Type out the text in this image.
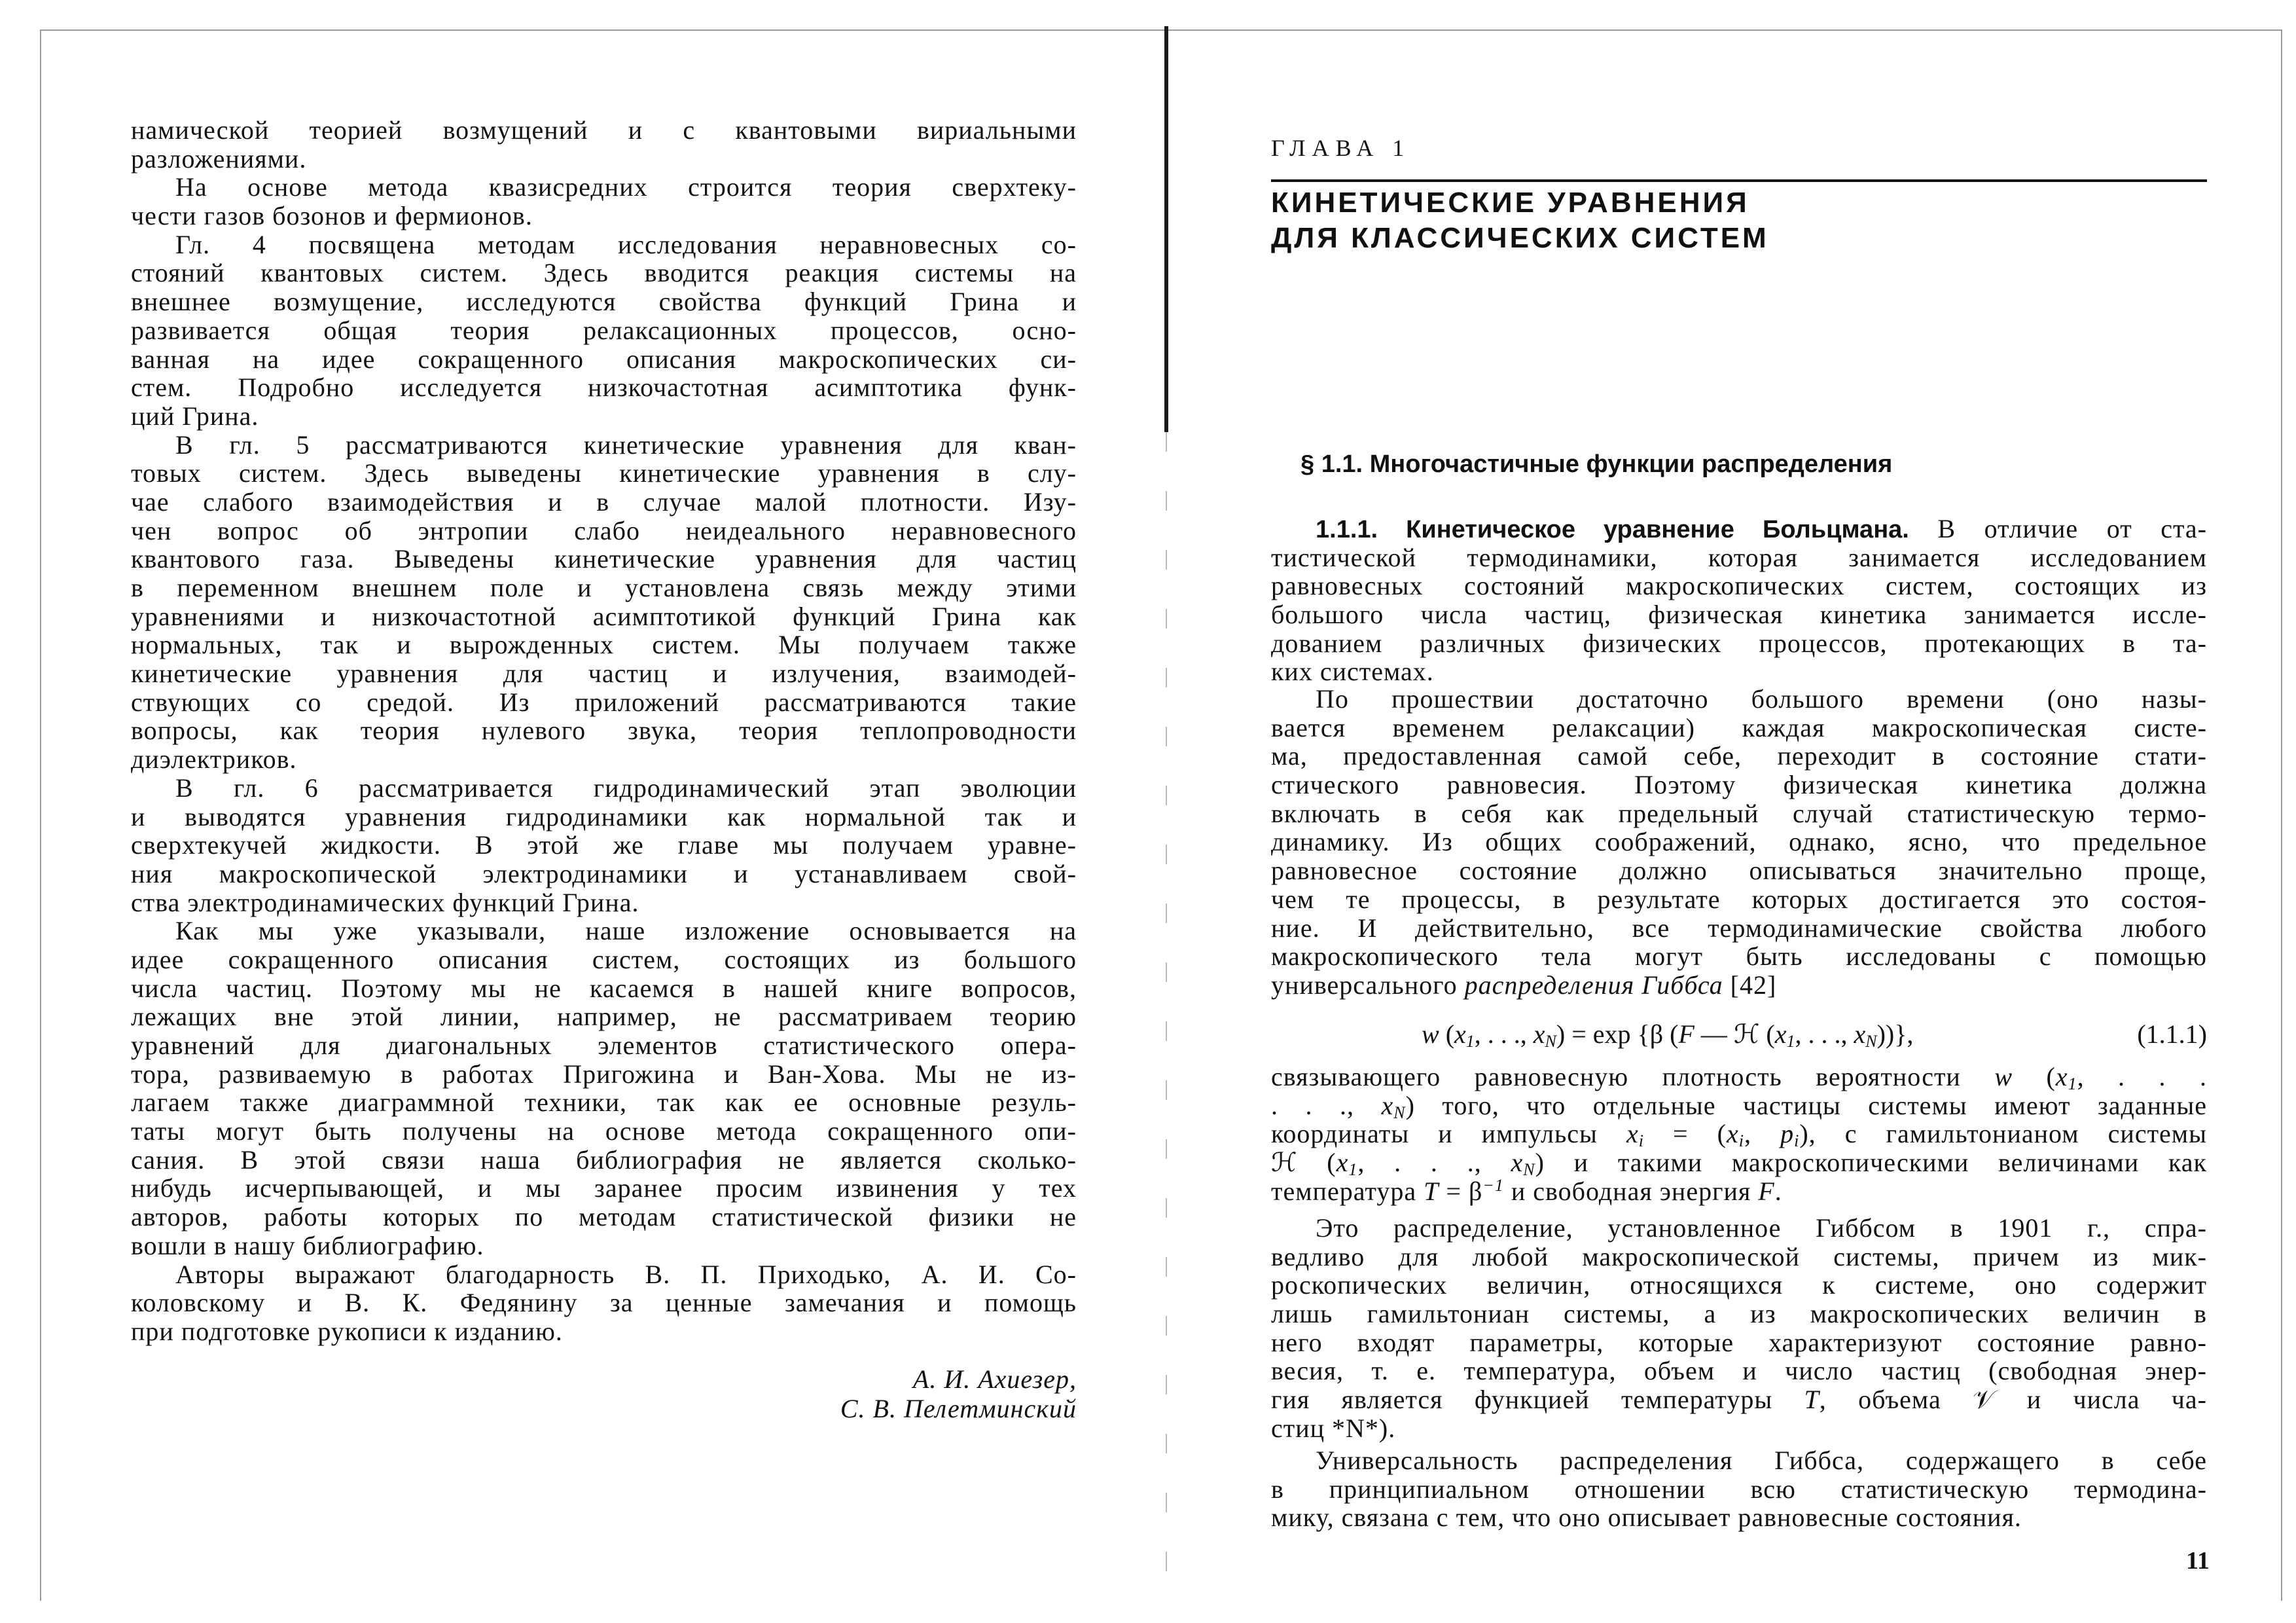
намической теорией возмущений и с квантовыми вириальными
разложениями.
На основе метода квазисредних строится теория сверхтеку-
чести газов бозонов и фермионов.
Гл. 4 посвящена методам исследования неравновесных со-
стояний квантовых систем. Здесь вводится реакция системы на
внешнее возмущение, исследуются свойства функций Грина и
развивается общая теория релаксационных процессов, осно-
ванная на идее сокращенного описания макроскопических си-
стем. Подробно исследуется низкочастотная асимптотика функ-
ций Грина.
В гл. 5 рассматриваются кинетические уравнения для кван-
товых систем. Здесь выведены кинетические уравнения в слу-
чае слабого взаимодействия и в случае малой плотности. Изу-
чен вопрос об энтропии слабо неидеального неравновесного
квантового газа. Выведены кинетические уравнения для частиц
в переменном внешнем поле и установлена связь между этими
уравнениями и низкочастотной асимптотикой функций Грина как
нормальных, так и вырожденных систем. Мы получаем также
кинетические уравнения для частиц и излучения, взаимодей-
ствующих со средой. Из приложений рассматриваются такие
вопросы, как теория нулевого звука, теория теплопроводности
диэлектриков.
В гл. 6 рассматривается гидродинамический этап эволюции
и выводятся уравнения гидродинамики как нормальной так и
сверхтекучей жидкости. В этой же главе мы получаем уравне-
ния макроскопической электродинамики и устанавливаем свой-
ства электродинамических функций Грина.
Как мы уже указывали, наше изложение основывается на
идее сокращенного описания систем, состоящих из большого
числа частиц. Поэтому мы не касаемся в нашей книге вопросов,
лежащих вне этой линии, например, не рассматриваем теорию
уравнений для диагональных элементов статистического опера-
тора, развиваемую в работах Пригожина и Ван-Хова. Мы не из-
лагаем также диаграммной техники, так как ее основные резуль-
таты могут быть получены на основе метода сокращенного опи-
сания. В этой связи наша библиография не является сколько-
нибудь исчерпывающей, и мы заранее просим извинения у тех
авторов, работы которых по методам статистической физики не
вошли в нашу библиографию.
Авторы выражают благодарность В. П. Приходько, А. И. Со-
коловскому и В. К. Федянину за ценные замечания и помощь
при подготовке рукописи к изданию.
А. И. Ахиезер,
С. В. Пелетминский
ГЛАВА 1
КИНЕТИЧЕСКИЕ УРАВНЕНИЯ
ДЛЯ КЛАССИЧЕСКИХ СИСТЕМ
§ 1.1. Многочастичные функции распределения
1.1.1. Кинетическое уравнение Больцмана. В отличие от ста-
тистической термодинамики, которая занимается исследованием
равновесных состояний макроскопических систем, состоящих из
большого числа частиц, физическая кинетика занимается иссле-
дованием различных физических процессов, протекающих в та-
ких системах.
По прошествии достаточно большого времени (оно назы-
вается временем релаксации) каждая макроскопическая систе-
ма, предоставленная самой себе, переходит в состояние стати-
стического равновесия. Поэтому физическая кинетика должна
включать в себя как предельный случай статистическую термо-
динамику. Из общих соображений, однако, ясно, что предельное
равновесное состояние должно описываться значительно проще,
чем те процессы, в результате которых достигается это состоя-
ние. И действительно, все термодинамические свойства любого
макроскопического тела могут быть исследованы с помощью
универсального распределения Гиббса [42]
w ($x_1$, . . ., $x_N) = \exp \{\beta$ (F — ℋ ($x_1$, . . ., $x_N$))},	(1.1.1)
связывающего равновесную плотность вероятности w ($x_1$, . . .
. . ., $x_N$) того, что отдельные частицы системы имеют заданные
координаты и импульсы $x_i = (x_i$, $p_i$), с гамильтонианом системы
ℋ ($x_1$, . . ., $x_N$) и такими макроскопическими величинами как
температура $T = \beta^{-1}$ и свободная энергия F.
Это распределение, установленное Гиббсом в 1901 г., спра-
ведливо для любой макроскопической системы, причем из мик-
роскопических величин, относящихся к системе, оно содержит
лишь гамильтониан системы, а из макроскопических величин в
него входят параметры, которые характеризуют состояние равно-
весия, т. е. температура, объем и число частиц (свободная энер-
гия является функцией температуры T, объема 𝒱 и числа ча-
стиц *N*).
Универсальность распределения Гиббса, содержащего в себе
в принципиальном отношении всю статистическую термодина-
мику, связана с тем, что оно описывает равновесные состояния.
11
